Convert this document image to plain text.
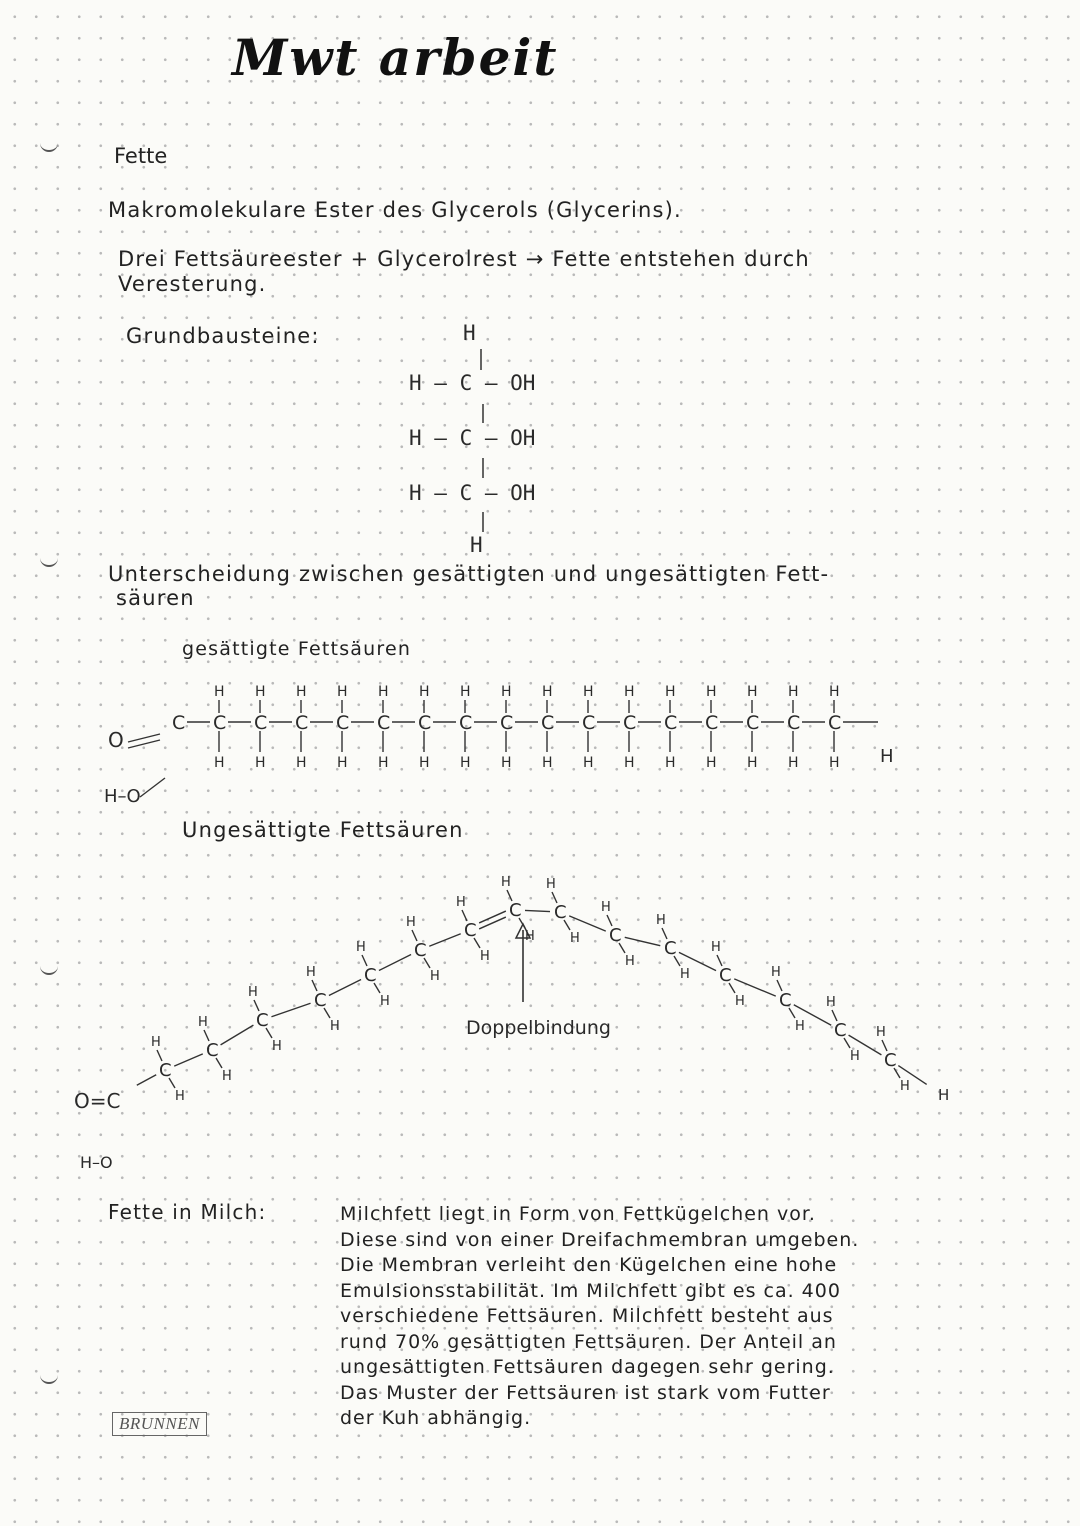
Mwt arbeit
Fette
Makromolekulare Ester des Glycerols (Glycerins).
Drei Fettsäureester + Glycerolrest → Fette entstehen durch
Veresterung.
Grundbausteine:	H
H — C — OH
H — C — OH
H — C — OH
H
Unterscheidung zwischen gesättigten und ungesättigten Fett-
säuren
gesättigte Fettsäuren
O
H–O
H
C C
H
H
C
H
H
C
H
H
C
H
H
C
H
H
C
H
H
C
H
H
C
H
H
C
H
H
C
H
H
C
H
H
C
H
H
C
H
H
C
H
H
C
H
H
C
H
H
Ungesättigte Fettsäuren
O=C
H–O
Doppelbindung
C
H
H
C
H
H
C
H
H
C
H
H
C
H
H
C
H
H
C
H
H
C
H
H
C
H
H C
H
H
C
H
H C
H
H C
H
H C
H
H C
H
H H
Fette in Milch:	Milchfett liegt in Form von Fettkügelchen vor.
Diese sind von einer Dreifachmembran umgeben.
Die Membran verleiht den Kügelchen eine hohe
Emulsionsstabilität. Im Milchfett gibt es ca. 400
verschiedene Fettsäuren. Milchfett besteht aus
rund 70% gesättigten Fettsäuren. Der Anteil an
ungesättigten Fettsäuren dagegen sehr gering.
Das Muster der Fettsäuren ist stark vom Futter
der Kuh abhängig.
BRUNNEN
